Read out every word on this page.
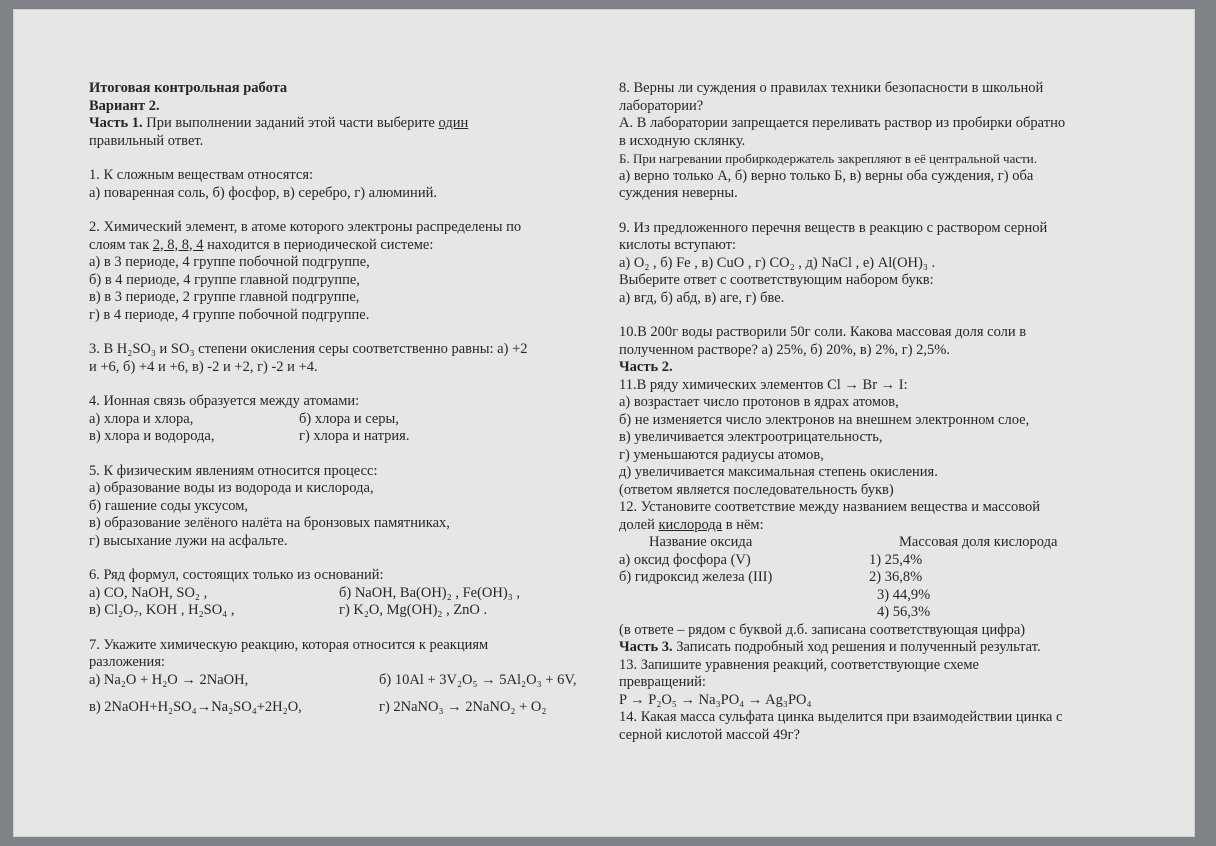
Итоговая контрольная работа
Вариант 2.
Часть 1. При выполнении заданий этой части выберите один
правильный ответ.
1. К сложным веществам относятся:
а) поваренная соль, б) фосфор, в) серебро, г) алюминий.
2. Химический элемент, в атоме которого электроны распределены по
слоям так 2, 8, 8, 4 находится в периодической системе:
а) в 3 периоде, 4 группе побочной подгруппе,
б) в 4 периоде, 4 группе главной подгруппе,
в) в 3 периоде, 2 группе главной подгруппе,
г) в 4 периоде, 4 группе побочной подгруппе.
3. В H₂SO₃ и SO₃ степени окисления серы соответственно равны: а) +2
и +6, б) +4 и +6, в) -2 и +2, г) -2 и +4.
4. Ионная связь образуется между атомами:
а) хлора и хлора,	б) хлора и серы,
в) хлора и водорода,	г) хлора и натрия.
5. К физическим явлениям относится процесс:
а) образование воды из водорода и кислорода,
б) гашение соды уксусом,
в) образование зелёного налёта на бронзовых памятниках,
г) высыхание лужи на асфальте.
6. Ряд формул, состоящих только из оснований:
а) CO, NaOH, SO₂ ,	б) NaOH, Ba(OH)₂ , Fe(OH)₃ ,
в) Cl₂O₇, KOH , H₂SO₄ ,	г) K₂O, Mg(OH)₂ , ZnO .
7. Укажите химическую реакцию, которая относится к реакциям
разложения:
а) Na₂O + H₂O → 2NaOH,	б) 10Al + 3V₂O₅ → 5Al₂O₃ + 6V,
в) 2NaOH+H₂SO₄→Na₂SO₄+2H₂O,	г) 2NaNO₃ → 2NaNO₂ + O₂
8. Верны ли суждения о правилах техники безопасности в школьной
лаборатории?
А. В лаборатории запрещается переливать раствор из пробирки обратно
в исходную склянку.
Б. При нагревании пробиркодержатель закрепляют в её центральной части.
а) верно только А, б) верно только Б, в) верны оба суждения, г) оба
суждения неверны.
9. Из предложенного перечня веществ в реакцию с раствором серной
кислоты вступают:
а) O₂ , б) Fe , в) CuO , г) CO₂ , д) NaCl , е) Al(OH)₃ .
Выберите ответ с соответствующим набором букв:
а) вгд, б) абд, в) аге, г) бве.
10.В 200г воды растворили 50г соли. Какова массовая доля соли в
полученном растворе? а) 25%, б) 20%, в) 2%, г) 2,5%.
Часть 2.
11.В ряду химических элементов Cl → Br → I:
а) возрастает число протонов в ядрах атомов,
б) не изменяется число электронов на внешнем электронном слое,
в) увеличивается электроотрицательность,
г) уменьшаются радиусы атомов,
д) увеличивается максимальная степень окисления.
(ответом является последовательность букв)
12. Установите соответствие между названием вещества и массовой
долей кислорода в нём:
Название оксида	Массовая доля кислорода
а) оксид фосфора (V)	1) 25,4%
б) гидроксид железа (III)	2) 36,8%
3) 44,9%
4) 56,3%
(в ответе – рядом с буквой д.б. записана соответствующая цифра)
Часть 3. Записать подробный ход решения и полученный результат.
13. Запишите уравнения реакций, соответствующие схеме
превращений:
P → P₂O₅ → Na₃PO₄ → Ag₃PO₄
14. Какая масса сульфата цинка выделится при взаимодействии цинка с
серной кислотой массой 49г?
